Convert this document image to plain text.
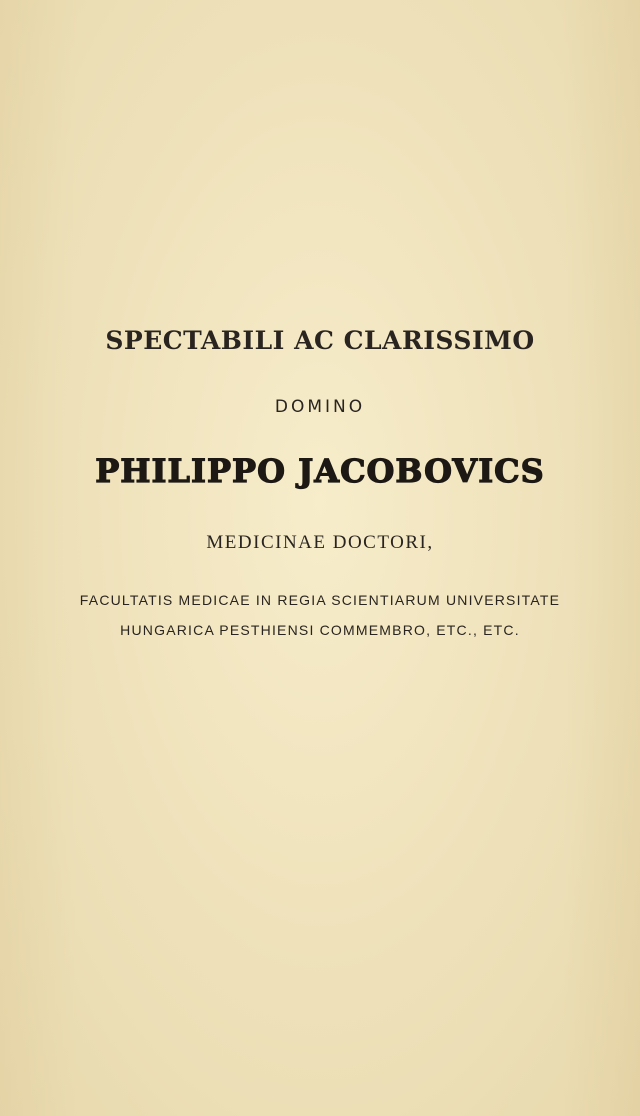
SPECTABILI AC CLARISSIMO
DOMINO
PHILIPPO JACOBOVICS
MEDICINAE DOCTORI,
FACULTATIS MEDICAE IN REGIA SCIENTIARUM UNIVERSITATE
HUNGARICA PESTHIENSI COMMEMBRO, ETC., ETC.
